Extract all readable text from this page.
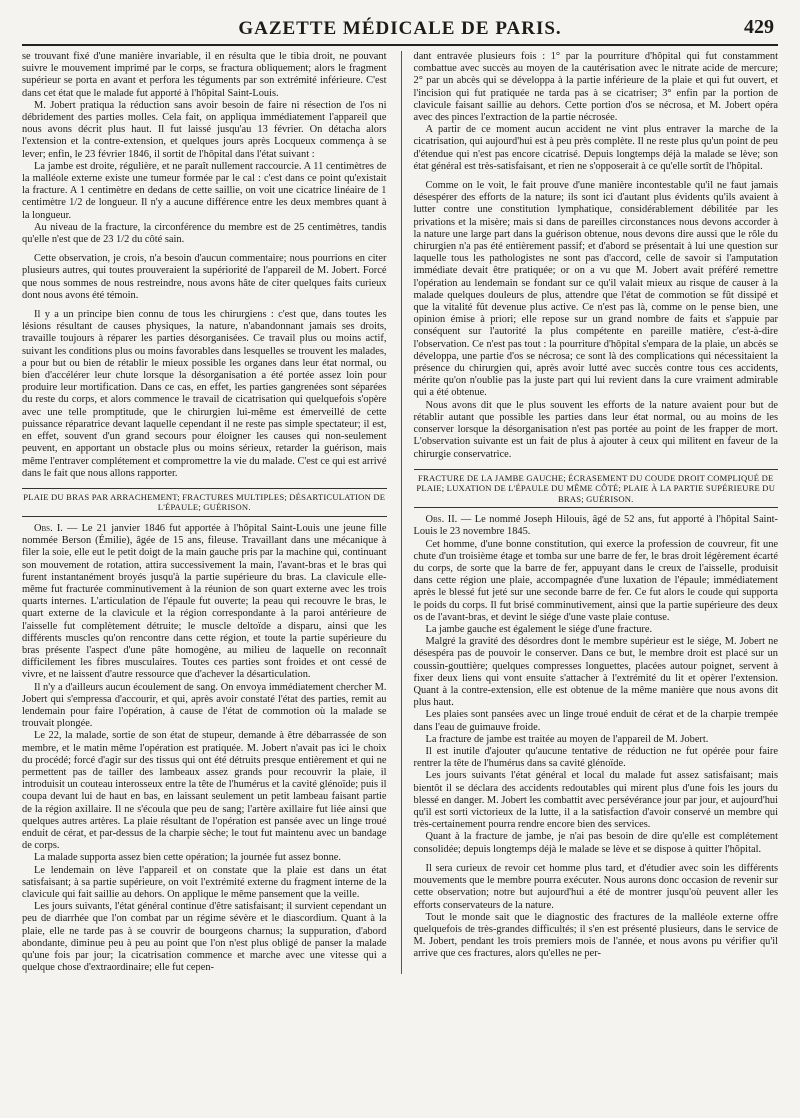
GAZETTE MÉDICALE DE PARIS.	429

se trouvant fixé d'une manière invariable, il en résulta que le tibia droit, ne pouvant suivre le mouvement imprimé par le corps, se fractura obliquement; alors le fragment supérieur se porta en avant et perfora les téguments par son extrémité inférieure. C'est dans cet état que le malade fut apporté à l'hôpital Saint-Louis.

M. Jobert pratiqua la réduction sans avoir besoin de faire ni résection de l'os ni débridement des parties molles. Cela fait, on appliqua immédiatement l'appareil que nous avons décrit plus haut. Il fut laissé jusqu'au 13 février. On détacha alors l'extension et la contre-extension, et quelques jours après Locqueux commença à se lever; enfin, le 23 février 1846, il sortit de l'hôpital dans l'état suivant :

La jambe est droite, régulière, et ne paraît nullement raccourcie. A 11 centimètres de la malléole externe existe une tumeur formée par le cal : c'est dans ce point qu'existait la fracture. A 1 centimètre en dedans de cette saillie, on voit une cicatrice linéaire de 1 centimètre 1/2 de longueur. Il n'y a aucune différence entre les deux membres quant à la longueur.

Au niveau de la fracture, la circonférence du membre est de 25 centimètres, tandis qu'elle n'est que de 23 1/2 du côté sain.

Cette observation, je crois, n'a besoin d'aucun commentaire; nous pourrions en citer plusieurs autres, qui toutes prouveraient la supériorité de l'appareil de M. Jobert. Forcé que nous sommes de nous restreindre, nous avons hâte de citer quelques faits curieux dont nous avons été témoin.

Il y a un principe bien connu de tous les chirurgiens : c'est que, dans toutes les lésions résultant de causes physiques, la nature, n'abandonnant jamais ses droits, travaille toujours à réparer les parties désorganisées. Ce travail plus ou moins actif, suivant les conditions plus ou moins favorables dans lesquelles se trouvent les malades, a pour but ou bien de rétablir le mieux possible les organes dans leur état normal, ou bien d'accélérer leur chute lorsque la désorganisation a été portée assez loin pour produire leur mortification. Dans ce cas, en effet, les parties gangrenées sont séparées du reste du corps, et alors commence le travail de cicatrisation qui quelquefois s'opère avec une telle promptitude, que le chirurgien lui-même est émerveillé de cette puissance réparatrice devant laquelle cependant il ne reste pas simple spectateur; il est, en effet, souvent d'un grand secours pour éloigner les causes qui non-seulement peuvent, en apportant un obstacle plus ou moins sérieux, retarder la guérison, mais même l'entraver complétement et compromettre la vie du malade. C'est ce qui est arrivé dans le fait que nous allons rapporter.

PLAIE DU BRAS PAR ARRACHEMENT; FRACTURES MULTIPLES; DÉSARTICULATION DE L'ÉPAULE; GUÉRISON.

Obs. I. — Le 21 janvier 1846 fut apportée à l'hôpital Saint-Louis une jeune fille nommée Berson (Émilie), âgée de 15 ans, fileuse. Travaillant dans une mécanique à filer la soie, elle eut le petit doigt de la main gauche pris par la machine qui, continuant son mouvement de rotation, attira successivement la main, l'avant-bras et le bras qui furent instantanément broyés jusqu'à la partie supérieure du bras. La clavicule elle-même fut fracturée comminutivement à la réunion de son quart externe avec les trois quarts internes. L'articulation de l'épaule fut ouverte; la peau qui recouvre le bras, le quart externe de la clavicule et la région correspondante à la paroi antérieure de l'aisselle fut complètement détruite; le muscle deltoïde a disparu, ainsi que les différents muscles qu'on rencontre dans cette région, et toute la partie supérieure du bras présente l'aspect d'une pâte homogène, au milieu de laquelle on reconnaît difficilement les fibres musculaires. Toutes ces parties sont froides et ont cessé de vivre, et ne laissent d'autre ressource que d'achever la désarticulation.

Il n'y a d'ailleurs aucun écoulement de sang. On envoya immédiatement chercher M. Jobert qui s'empressa d'accourir, et qui, après avoir constaté l'état des parties, remit au lendemain pour faire l'opération, à cause de l'état de commotion où la malade se trouvait plongée.

Le 22, la malade, sortie de son état de stupeur, demande à être débarrassée de son membre, et le matin même l'opération est pratiquée. M. Jobert n'avait pas ici le choix du procédé; forcé d'agir sur des tissus qui ont été détruits presque entièrement et qui ne permettent pas de tailler des lambeaux assez grands pour recouvrir la plaie, il introduisit un couteau interosseux entre la tête de l'humérus et la cavité glénoïde; puis il coupa devant lui de haut en bas, en laissant seulement un petit lambeau faisant partie de la région axillaire. Il ne s'écoula que peu de sang; l'artère axillaire fut liée ainsi que quelques autres artères. La plaie résultant de l'opération est pansée avec un linge troué enduit de cérat, et par-dessus de la charpie sèche; le tout fut maintenu avec un bandage de corps.

La malade supporta assez bien cette opération; la journée fut assez bonne.

Le lendemain on lève l'appareil et on constate que la plaie est dans un état satisfaisant; à sa partie supérieure, on voit l'extrémité externe du fragment interne de la clavicule qui fait saillie au dehors. On applique le même pansement que la veille.

Les jours suivants, l'état général continue d'être satisfaisant; il survient cependant un peu de diarrhée que l'on combat par un régime sévère et le diascordium. Quant à la plaie, elle ne tarde pas à se couvrir de bourgeons charnus; la suppuration, d'abord abondante, diminue peu à peu au point que l'on n'est plus obligé de panser la malade qu'une fois par jour; la cicatrisation commence et marche avec une vitesse qui a quelque chose d'extraordinaire; elle fut cepen-

dant entravée plusieurs fois : 1° par la pourriture d'hôpital qui fut constamment combattue avec succès au moyen de la cautérisation avec le nitrate acide de mercure; 2° par un abcès qui se développa à la partie inférieure de la plaie et qui fut ouvert, et l'incision qui fut pratiquée ne tarda pas à se cicatriser; 3° enfin par la portion de clavicule faisant saillie au dehors. Cette portion d'os se nécrosa, et M. Jobert opéra avec des pinces l'extraction de la partie nécrosée.

A partir de ce moment aucun accident ne vint plus entraver la marche de la cicatrisation, qui aujourd'hui est à peu près complète. Il ne reste plus qu'un point de peu d'étendue qui n'est pas encore cicatrisé. Depuis longtemps déjà la malade se lève; son état général est très-satisfaisant, et rien ne s'opposerait à ce qu'elle sortît de l'hôpital.

Comme on le voit, le fait prouve d'une manière incontestable qu'il ne faut jamais désespérer des efforts de la nature; ils sont ici d'autant plus évidents qu'ils avaient à lutter contre une constitution lymphatique, considérablement débilitée par les privations et la misère; mais si dans de pareilles circonstances nous devons accorder à la nature une large part dans la guérison obtenue, nous devons dire aussi que le rôle du chirurgien n'a pas été entièrement passif; et d'abord se présentait à lui une question sur laquelle tous les pathologistes ne sont pas d'accord, celle de savoir si l'amputation immédiate devait être pratiquée; or on a vu que M. Jobert avait préféré remettre l'opération au lendemain se fondant sur ce qu'il valait mieux au risque de causer à la malade quelques douleurs de plus, attendre que l'état de commotion se fût dissipé et que la vitalité fût devenue plus active. Ce n'est pas là, comme on le pense bien, une opinion émise à priori; elle repose sur un grand nombre de faits et s'appuie par conséquent sur l'autorité la plus compétente en pareille matière, c'est-à-dire l'observation. Ce n'est pas tout : la pourriture d'hôpital s'empara de la plaie, un abcès se développa, une partie d'os se nécrosa; ce sont là des complications qui nécessitaient la présence du chirurgien qui, après avoir lutté avec succès contre tous ces accidents, mérite qu'on n'oublie pas la juste part qui lui revient dans la cure vraiment admirable qui a été obtenue.

Nous avons dit que le plus souvent les efforts de la nature avaient pour but de rétablir autant que possible les parties dans leur état normal, ou au moins de les conserver lorsque la désorganisation n'est pas portée au point de les frapper de mort. L'observation suivante est un fait de plus à ajouter à ceux qui militent en faveur de la chirurgie conservatrice.

FRACTURE DE LA JAMBE GAUCHE; ÉCRASEMENT DU COUDE DROIT COMPLIQUÉ DE PLAIE; LUXATION DE L'ÉPAULE DU MÊME CÔTÉ; PLAIE À LA PARTIE SUPÉRIEURE DU BRAS; GUÉRISON.

Obs. II. — Le nommé Joseph Hilouis, âgé de 52 ans, fut apporté à l'hôpital Saint-Louis le 23 novembre 1845.

Cet homme, d'une bonne constitution, qui exerce la profession de couvreur, fit une chute d'un troisième étage et tomba sur une barre de fer, le bras droit légèrement écarté du corps, de sorte que la barre de fer, appuyant dans le creux de l'aisselle, produisit dans cette région une plaie, accompagnée d'une luxation de l'épaule; immédiatement après le blessé fut jeté sur une seconde barre de fer. Ce fut alors le coude qui supporta le poids du corps. Il fut brisé comminutivement, ainsi que la partie supérieure des deux os de l'avant-bras, et devint le siége d'une vaste plaie contuse.

La jambe gauche est également le siége d'une fracture.

Malgré la gravité des désordres dont le membre supérieur est le siége, M. Jobert ne désespéra pas de pouvoir le conserver. Dans ce but, le membre droit est placé sur un coussin-gouttière; quelques compresses longuettes, placées autour poignet, servent à fixer deux liens qui vont ensuite s'attacher à l'extrémité du lit et opèrer l'extension. Quant à la contre-extension, elle est obtenue de la même manière que nous avons dit plus haut.

Les plaies sont pansées avec un linge troué enduit de cérat et de la charpie trempée dans l'eau de guimauve froide.

La fracture de jambe est traitée au moyen de l'appareil de M. Jobert.

Il est inutile d'ajouter qu'aucune tentative de réduction ne fut opérée pour faire rentrer la tête de l'humérus dans sa cavité glénoïde.

Les jours suivants l'état général et local du malade fut assez satisfaisant; mais bientôt il se déclara des accidents redoutables qui mirent plus d'une fois les jours du blessé en danger. M. Jobert les combattit avec persévérance jour par jour, et aujourd'hui qu'il est sorti victorieux de la lutte, il a la satisfaction d'avoir conservé un membre qui très-certainement pourra rendre encore bien des services.

Quant à la fracture de jambe, je n'ai pas besoin de dire qu'elle est complétement consolidée; depuis longtemps déjà le malade se lève et se dispose à quitter l'hôpital.

Il sera curieux de revoir cet homme plus tard, et d'étudier avec soin les différents mouvements que le membre pourra exécuter. Nous aurons donc occasion de revenir sur cette observation; notre but aujourd'hui a été de montrer jusqu'où peuvent aller les efforts conservateurs de la nature.

Tout le monde sait que le diagnostic des fractures de la malléole externe offre quelquefois de très-grandes difficultés; il s'en est présenté plusieurs, dans le service de M. Jobert, pendant les trois premiers mois de l'année, et nous avons pu vérifier qu'il arrive que ces fractures, alors qu'elles ne per-
